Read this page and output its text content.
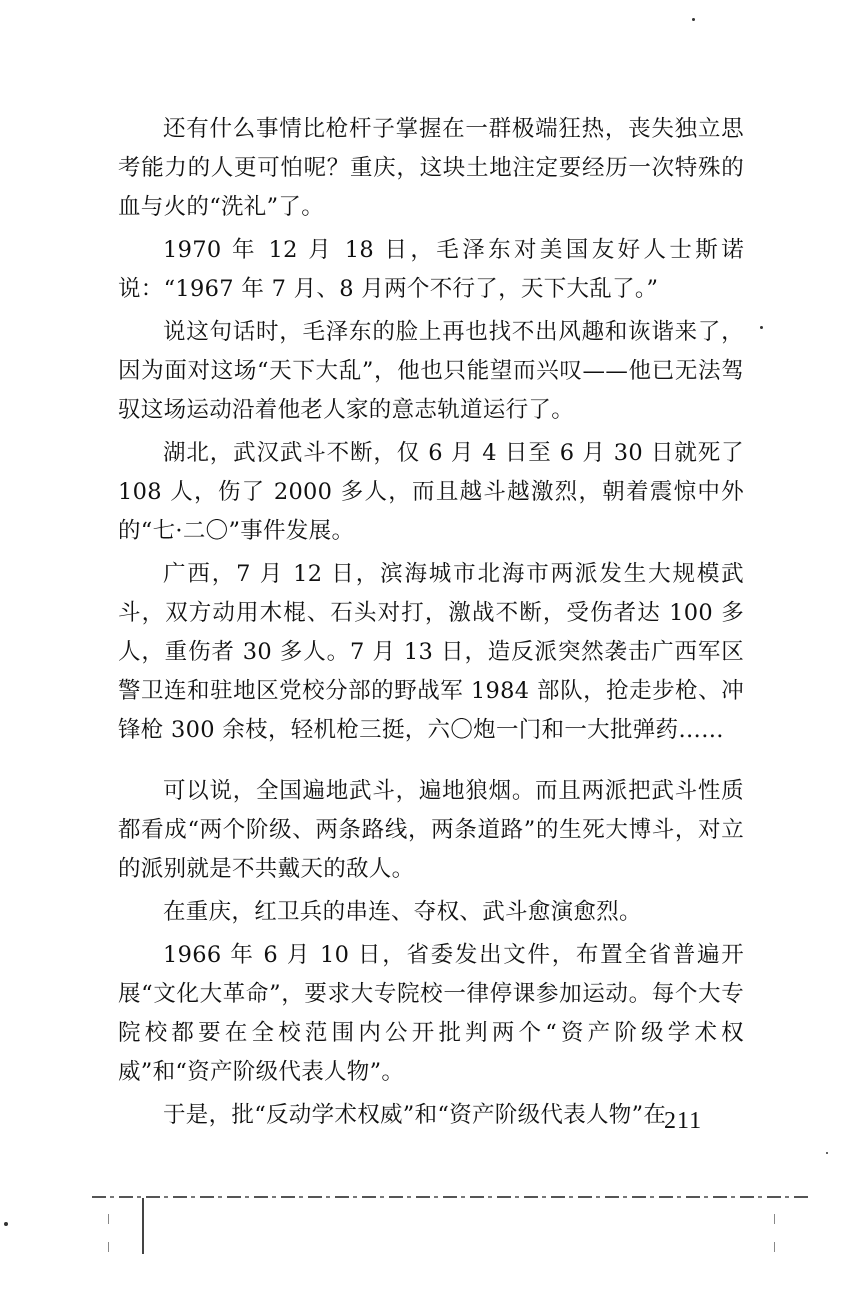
还有什么事情比枪杆子掌握在一群极端狂热，丧失独立思考能力的人更可怕呢？重庆，这块土地注定要经历一次特殊的血与火的“洗礼”了。

1970 年 12 月 18 日，毛泽东对美国友好人士斯诺说：“1967 年 7 月、8 月两个不行了，天下大乱了。”

说这句话时，毛泽东的脸上再也找不出风趣和诙谐来了，因为面对这场“天下大乱”，他也只能望而兴叹——他已无法驾驭这场运动沿着他老人家的意志轨道运行了。

湖北，武汉武斗不断，仅 6 月 4 日至 6 月 30 日就死了 108 人，伤了 2000 多人，而且越斗越激烈，朝着震惊中外的“七·二〇”事件发展。

广西，7 月 12 日，滨海城市北海市两派发生大规模武斗，双方动用木棍、石头对打，激战不断，受伤者达 100 多人，重伤者 30 多人。7 月 13 日，造反派突然袭击广西军区警卫连和驻地区党校分部的野战军 1984 部队，抢走步枪、冲锋枪 300 余枝，轻机枪三挺，六〇炮一门和一大批弹药……

可以说，全国遍地武斗，遍地狼烟。而且两派把武斗性质都看成“两个阶级、两条路线，两条道路”的生死大博斗，对立的派别就是不共戴天的敌人。

在重庆，红卫兵的串连、夺权、武斗愈演愈烈。

1966 年 6 月 10 日，省委发出文件，布置全省普遍开展“文化大革命”，要求大专院校一律停课参加运动。每个大专院校都要在全校范围内公开批判两个“资产阶级学术权威”和“资产阶级代表人物”。

于是，批“反动学术权威”和“资产阶级代表人物”在

211
